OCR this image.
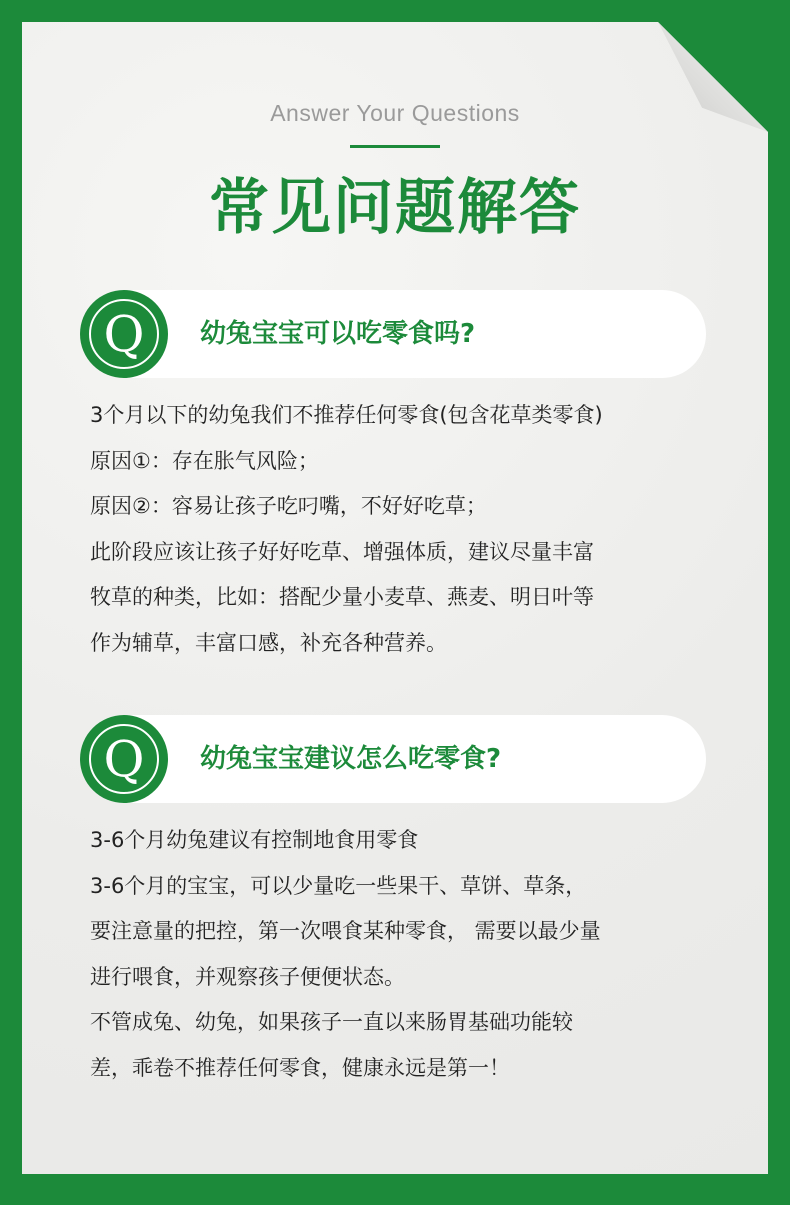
Answer Your Questions
常见问题解答
Q	幼兔宝宝可以吃零食吗?
3个月以下的幼兔我们不推荐任何零食(包含花草类零食)
原因①：存在胀气风险；
原因②：容易让孩子吃叼嘴，不好好吃草；
此阶段应该让孩子好好吃草、增强体质，建议尽量丰富
牧草的种类，比如：搭配少量小麦草、燕麦、明日叶等
作为辅草，丰富口感，补充各种营养。
Q	幼兔宝宝建议怎么吃零食?
3-6个月幼兔建议有控制地食用零食
3-6个月的宝宝，可以少量吃一些果干、草饼、草条，
要注意量的把控，第一次喂食某种零食， 需要以最少量
进行喂食，并观察孩子便便状态。
不管成兔、幼兔，如果孩子一直以来肠胃基础功能较
差，乖卷不推荐任何零食，健康永远是第一！
